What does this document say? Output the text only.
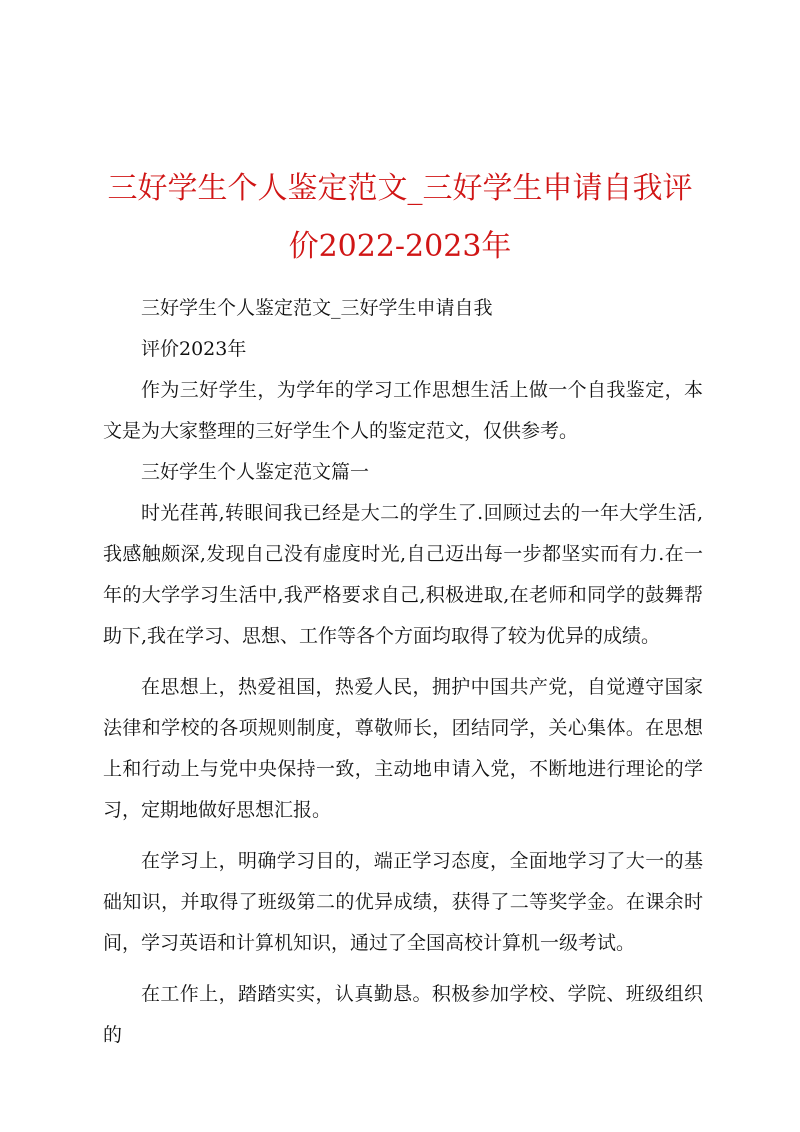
三好学生个人鉴定范文_三好学生申请自我评价2022-2023年

三好学生个人鉴定范文_三好学生申请自我

评价2023年

作为三好学生，为学年的学习工作思想生活上做一个自我鉴定，本文是为大家整理的三好学生个人的鉴定范文，仅供参考。

三好学生个人鉴定范文篇一

时光荏苒,转眼间我已经是大二的学生了.回顾过去的一年大学生活,我感触颇深,发现自己没有虚度时光,自己迈出每一步都坚实而有力.在一年的大学学习生活中,我严格要求自己,积极进取,在老师和同学的鼓舞帮助下,我在学习、思想、工作等各个方面均取得了较为优异的成绩。

在思想上，热爱祖国，热爱人民，拥护中国共产党，自觉遵守国家法律和学校的各项规则制度，尊敬师长，团结同学，关心集体。在思想上和行动上与党中央保持一致，主动地申请入党，不断地进行理论的学习，定期地做好思想汇报。

在学习上，明确学习目的，端正学习态度，全面地学习了大一的基础知识，并取得了班级第二的优异成绩，获得了二等奖学金。在课余时间，学习英语和计算机知识，通过了全国高校计算机一级考试。

在工作上，踏踏实实，认真勤恳。积极参加学校、学院、班级组织的
